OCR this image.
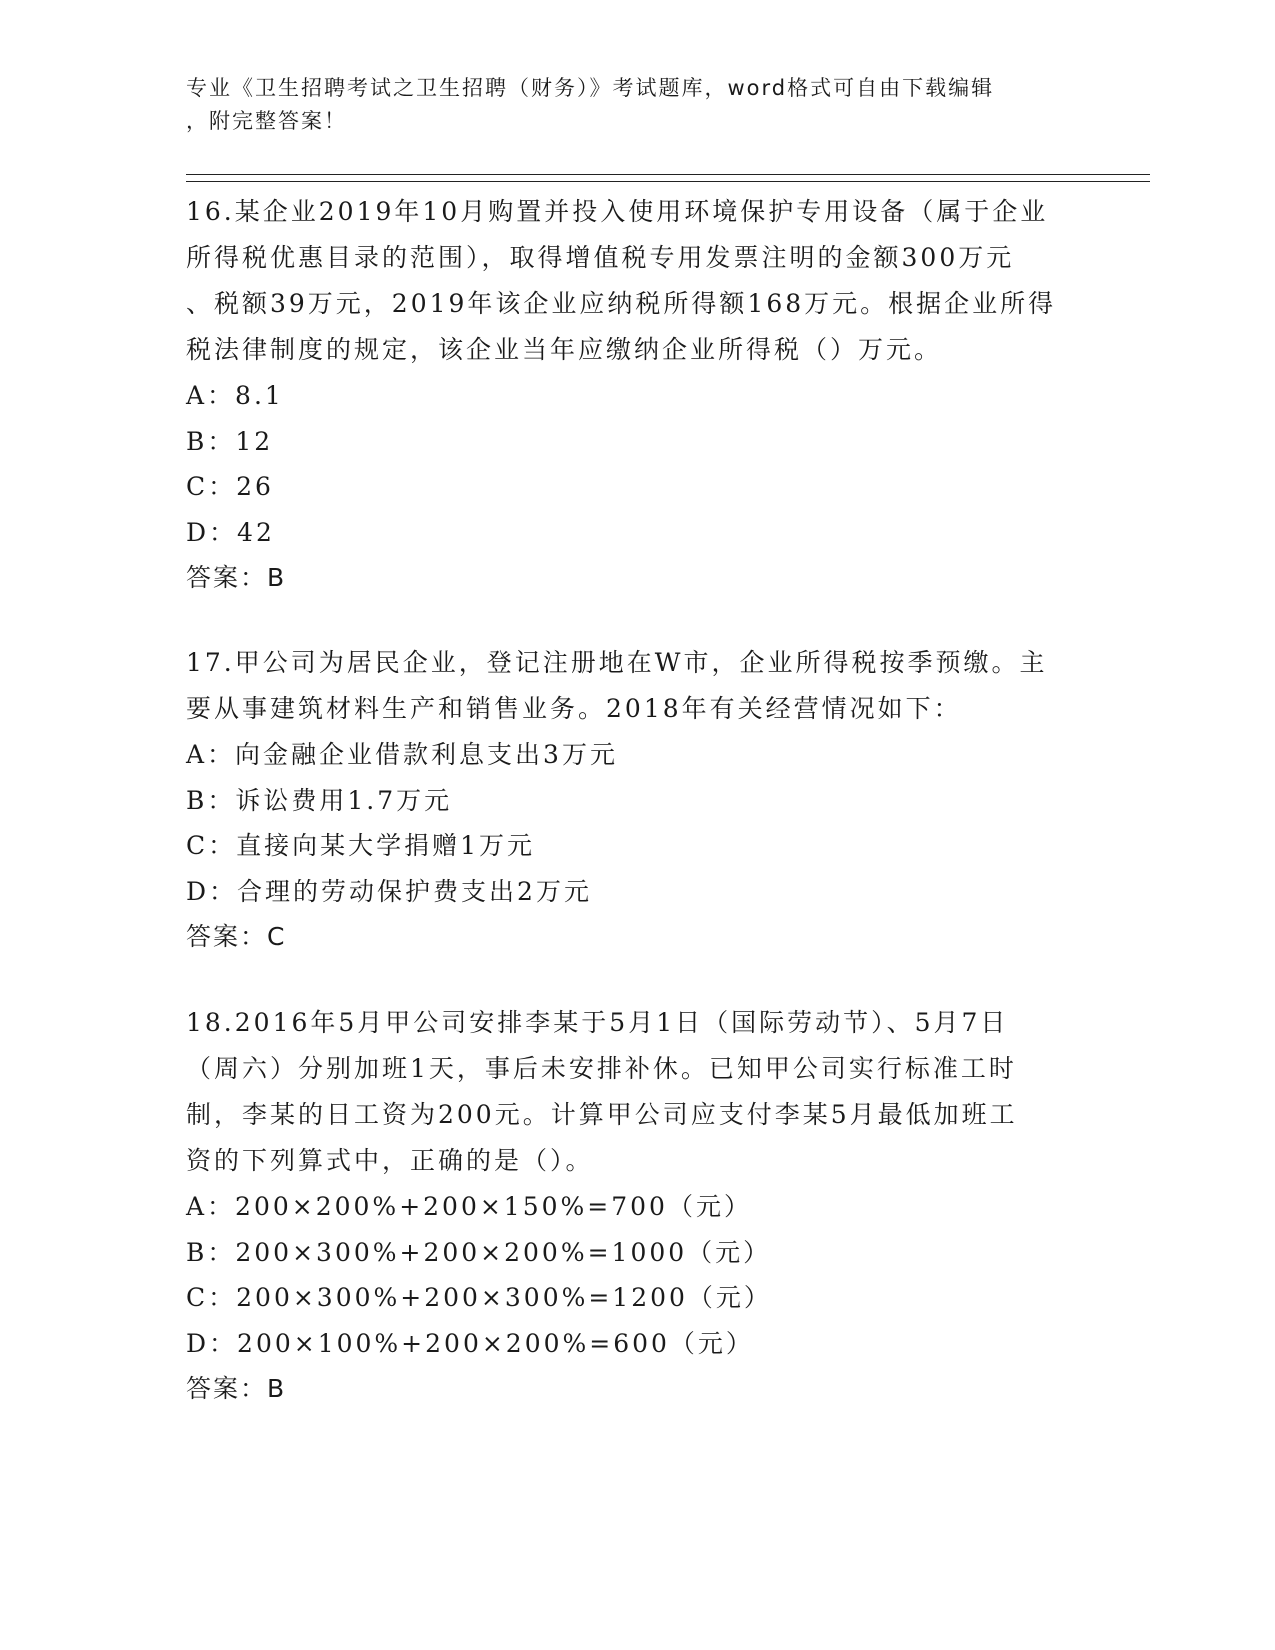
专业《卫生招聘考试之卫生招聘（财务）》考试题库，word格式可自由下载编辑
，附完整答案！
16.某企业2019年10月购置并投入使用环境保护专用设备（属于企业
所得税优惠目录的范围），取得增值税专用发票注明的金额300万元
、税额39万元，2019年该企业应纳税所得额168万元。根据企业所得
税法律制度的规定，该企业当年应缴纳企业所得税（）万元。
A：8.1
B：12
C：26
D：42
答案：B
17.甲公司为居民企业，登记注册地在W市，企业所得税按季预缴。主
要从事建筑材料生产和销售业务。2018年有关经营情况如下：
A：向金融企业借款利息支出3万元
B：诉讼费用1.7万元
C：直接向某大学捐赠1万元
D：合理的劳动保护费支出2万元
答案：C
18.2016年5月甲公司安排李某于5月1日（国际劳动节）、5月7日
（周六）分别加班1天，事后未安排补休。已知甲公司实行标准工时
制，李某的日工资为200元。计算甲公司应支付李某5月最低加班工
资的下列算式中，正确的是（）。
A：200×200%+200×150%=700（元）
B：200×300%+200×200%=1000（元）
C：200×300%+200×300%=1200（元）
D：200×100%+200×200%=600（元）
答案：B
